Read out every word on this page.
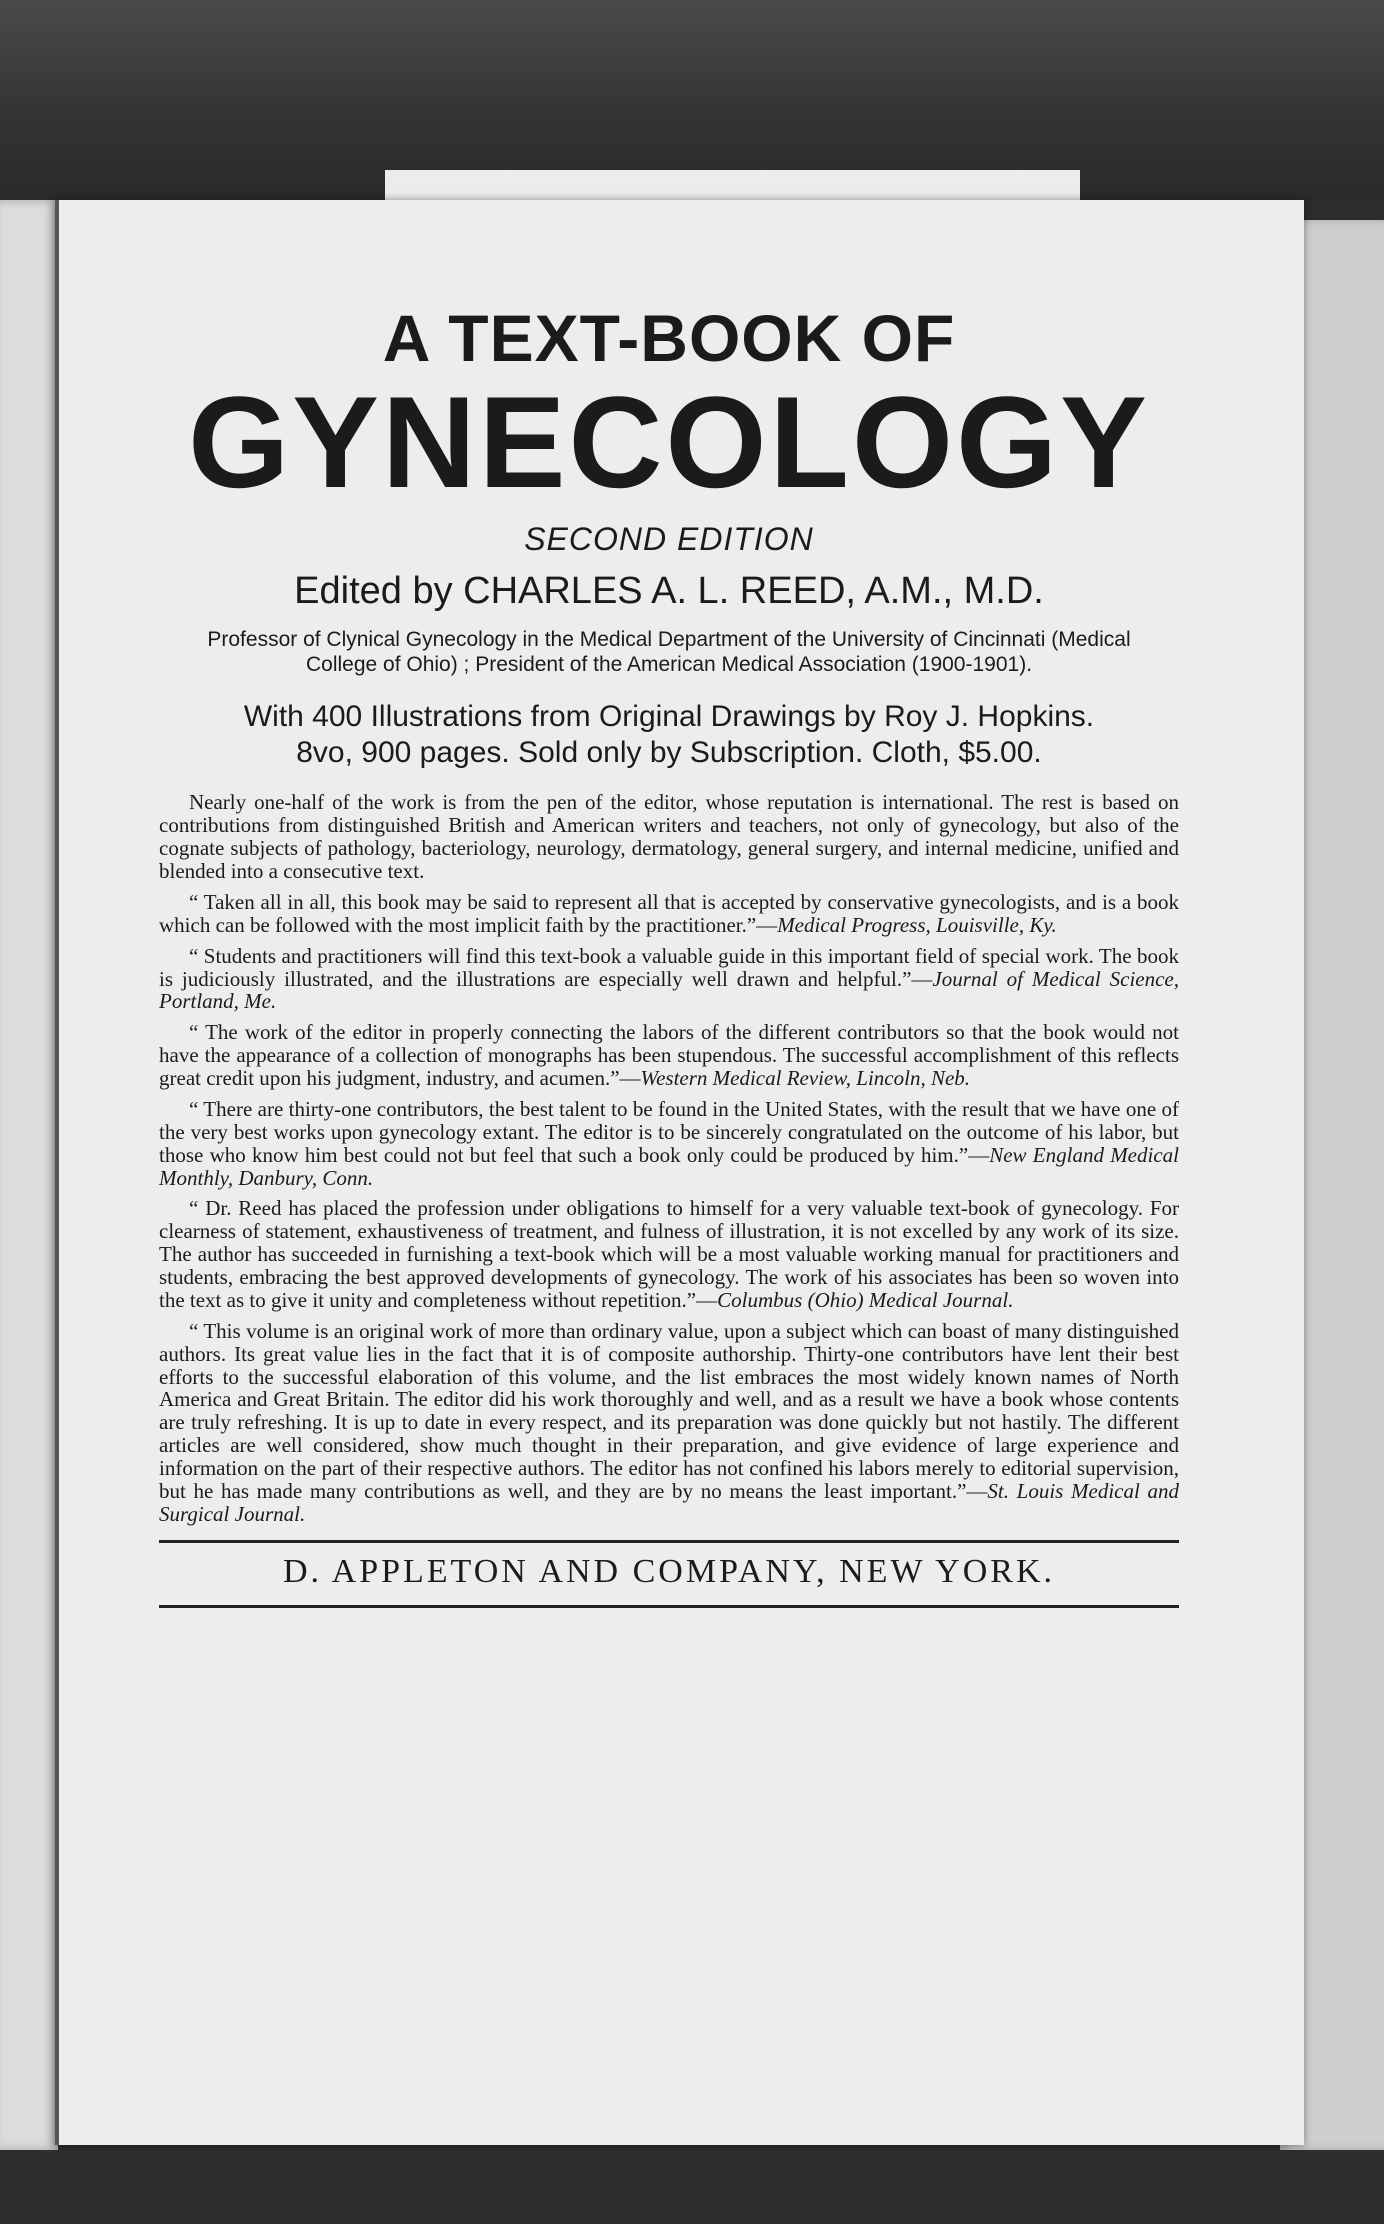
A TEXT-BOOK OF
GYNECOLOGY
SECOND EDITION
Edited by CHARLES A. L. REED, A.M., M.D.
Professor of Clynical Gynecology in the Medical Department of the University of Cincinnati (Medical College of Ohio) ; President of the American Medical Association (1900-1901).
With 400 Illustrations from Original Drawings by Roy J. Hopkins.
8vo, 900 pages. Sold only by Subscription. Cloth, $5.00.

Nearly one-half of the work is from the pen of the editor, whose reputation is international. The rest is based on contributions from distinguished British and American writers and teachers, not only of gynecology, but also of the cognate subjects of pathology, bacteriology, neurology, dermatology, general surgery, and internal medicine, unified and blended into a consecutive text.

“ Taken all in all, this book may be said to represent all that is accepted by conservative gynecologists, and is a book which can be followed with the most implicit faith by the practitioner.”—Medical Progress, Louisville, Ky.

“ Students and practitioners will find this text-book a valuable guide in this important field of special work. The book is judiciously illustrated, and the illustrations are especially well drawn and helpful.”—Journal of Medical Science, Portland, Me.

“ The work of the editor in properly connecting the labors of the different contributors so that the book would not have the appearance of a collection of monographs has been stupendous. The successful accomplishment of this reflects great credit upon his judgment, industry, and acumen.”—Western Medical Review, Lincoln, Neb.

“ There are thirty-one contributors, the best talent to be found in the United States, with the result that we have one of the very best works upon gynecology extant. The editor is to be sincerely congratulated on the outcome of his labor, but those who know him best could not but feel that such a book only could be produced by him.”—New England Medical Monthly, Danbury, Conn.

“ Dr. Reed has placed the profession under obligations to himself for a very valuable text-book of gynecology. For clearness of statement, exhaustiveness of treatment, and fulness of illustration, it is not excelled by any work of its size. The author has succeeded in furnishing a text-book which will be a most valuable working manual for practitioners and students, embracing the best approved developments of gynecology. The work of his associates has been so woven into the text as to give it unity and completeness without repetition.”—Columbus (Ohio) Medical Journal.

“ This volume is an original work of more than ordinary value, upon a subject which can boast of many distinguished authors. Its great value lies in the fact that it is of composite authorship. Thirty-one contributors have lent their best efforts to the successful elaboration of this volume, and the list embraces the most widely known names of North America and Great Britain. The editor did his work thoroughly and well, and as a result we have a book whose contents are truly refreshing. It is up to date in every respect, and its preparation was done quickly but not hastily. The different articles are well considered, show much thought in their preparation, and give evidence of large experience and information on the part of their respective authors. The editor has not confined his labors merely to editorial supervision, but he has made many contributions as well, and they are by no means the least important.”—St. Louis Medical and Surgical Journal.

D. APPLETON AND COMPANY, NEW YORK.
